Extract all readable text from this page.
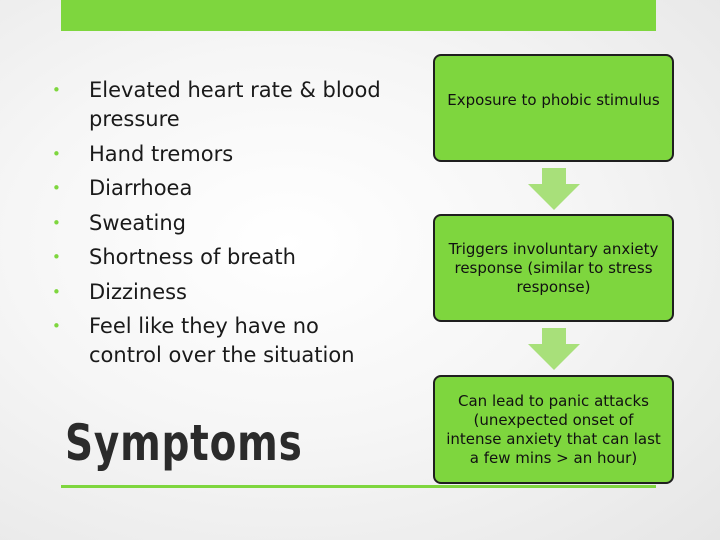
• Elevated heart rate & blood pressure
• Hand tremors
• Diarrhoea
• Sweating
• Shortness of breath
• Dizziness
• Feel like they have no control over the situation
Symptoms
Exposure to phobic stimulus
Triggers involuntary anxiety response (similar to stress response)
Can lead to panic attacks (unexpected onset of intense anxiety that can last a few mins > an hour)
